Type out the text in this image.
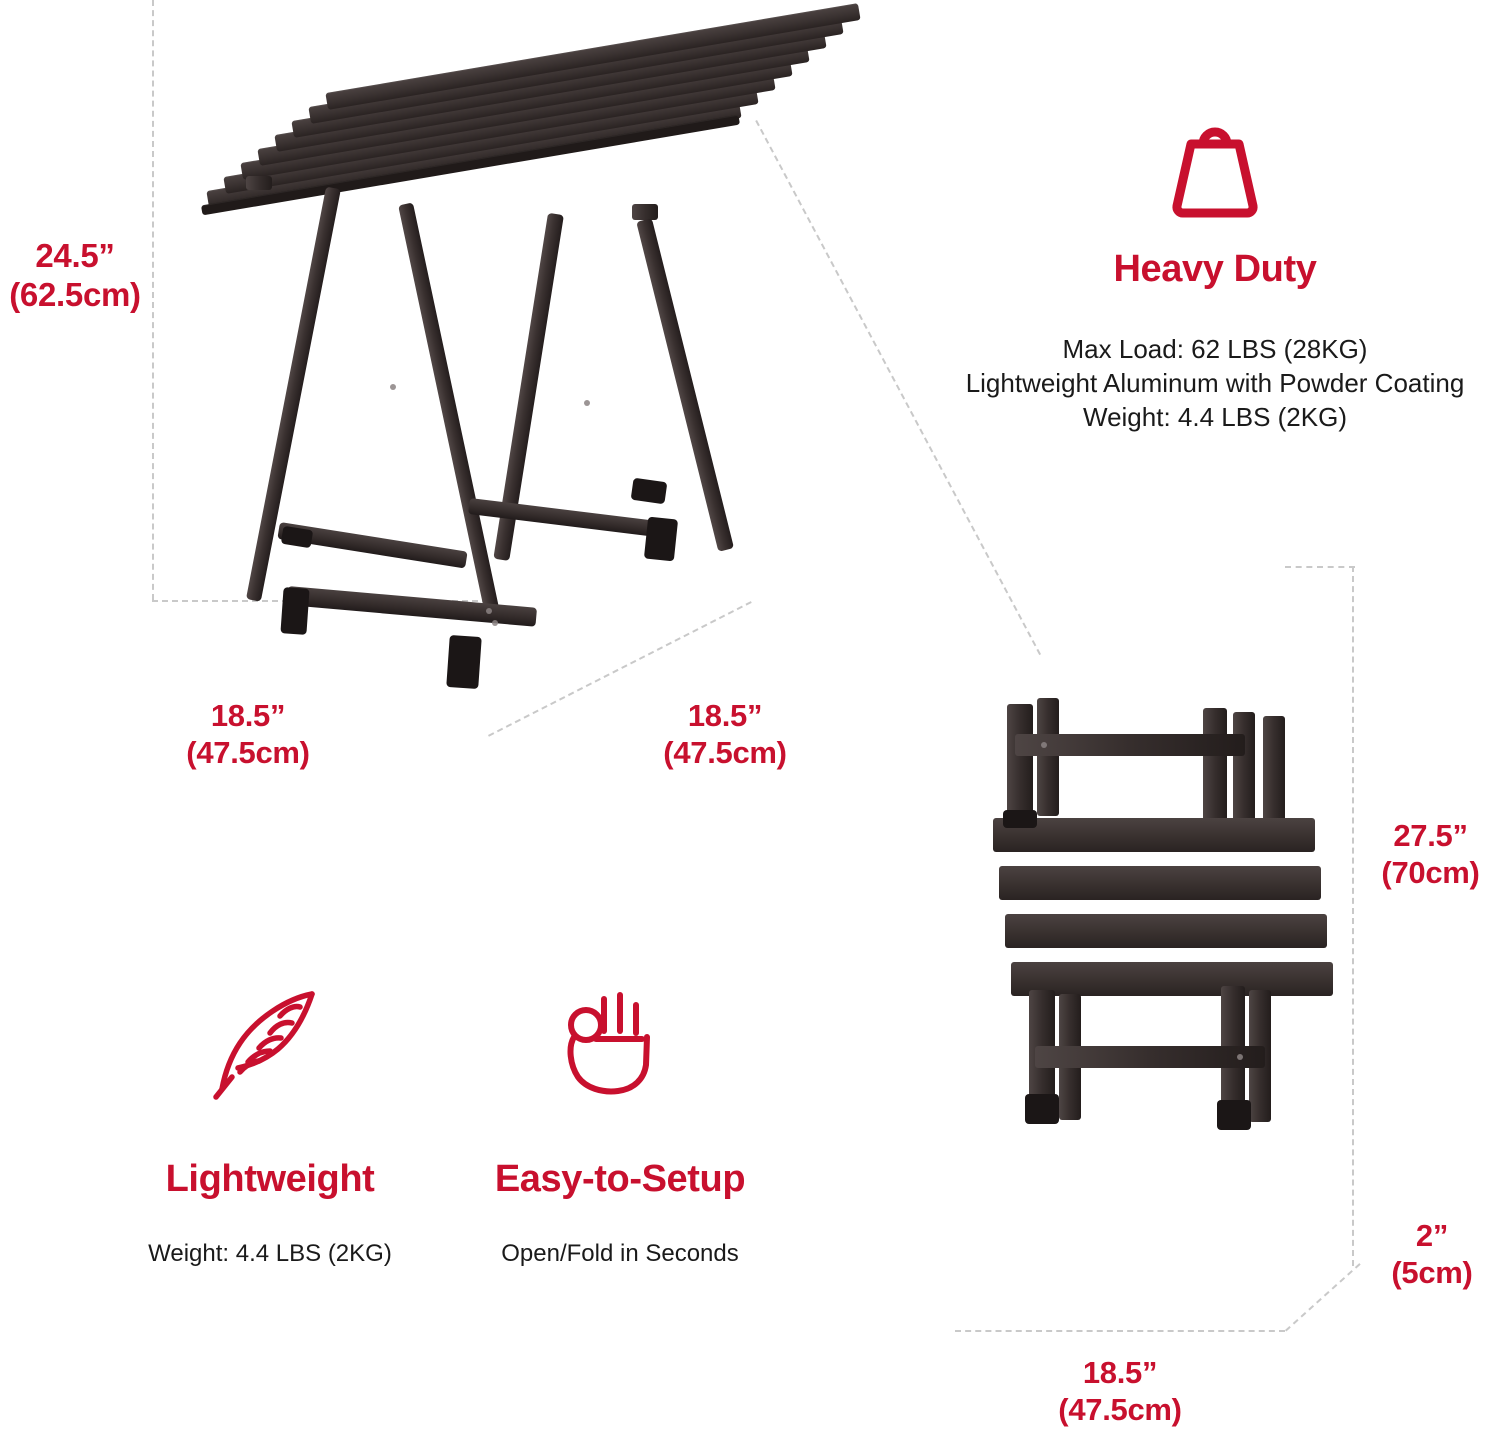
24.5”
(62.5cm)
18.5”
(47.5cm)
18.5”
(47.5cm)
Heavy Duty
Max Load: 62 LBS (28KG)
Lightweight Aluminum with Powder Coating
Weight: 4.4 LBS (2KG)
Lightweight
Weight: 4.4 LBS (2KG)
Easy-to-Setup
Open/Fold in Seconds
27.5”
(70cm)
2”
(5cm)
18.5”
(47.5cm)
